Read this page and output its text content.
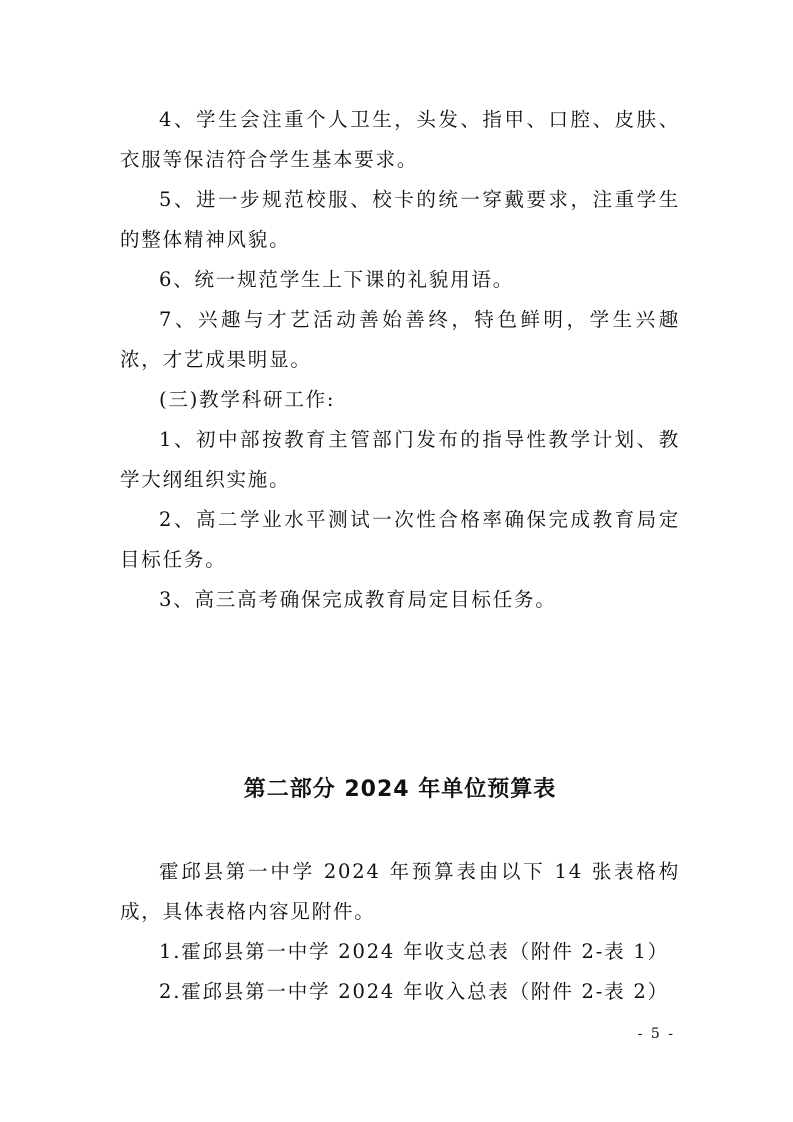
4、学生会注重个人卫生，头发、指甲、口腔、皮肤、衣服等保洁符合学生基本要求。

5、进一步规范校服、校卡的统一穿戴要求，注重学生的整体精神风貌。

6、统一规范学生上下课的礼貌用语。

7、兴趣与才艺活动善始善终，特色鲜明，学生兴趣浓，才艺成果明显。

(三)教学科研工作:

1、初中部按教育主管部门发布的指导性教学计划、教学大纲组织实施。

2、高二学业水平测试一次性合格率确保完成教育局定目标任务。

3、高三高考确保完成教育局定目标任务。

第二部分 2024 年单位预算表

霍邱县第一中学 2024 年预算表由以下 14 张表格构成，具体表格内容见附件。

1.霍邱县第一中学 2024 年收支总表（附件 2-表 1）

2.霍邱县第一中学 2024 年收入总表（附件 2-表 2）

- 5 -
